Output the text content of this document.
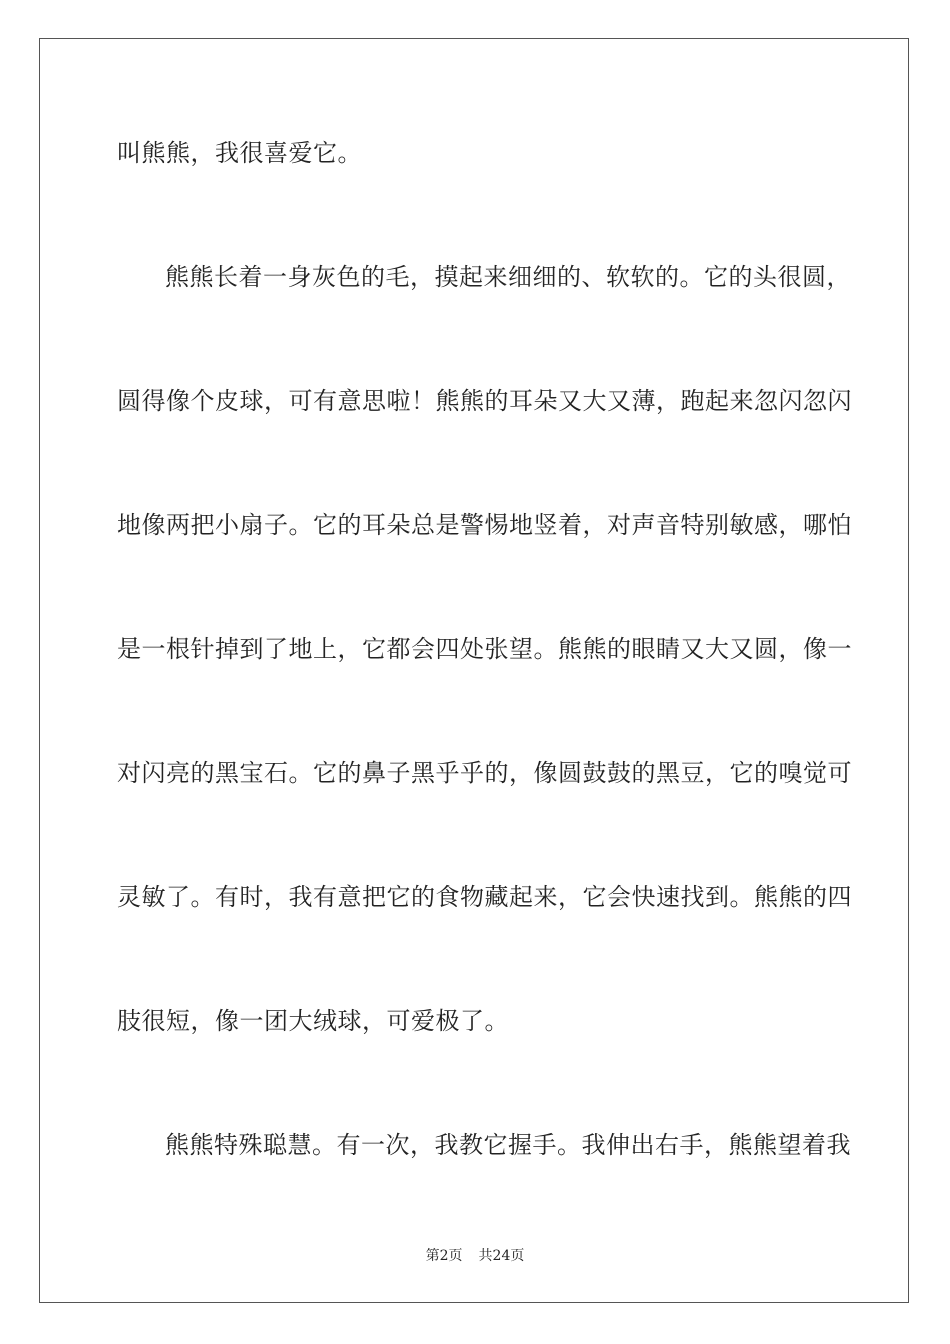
叫熊熊，我很喜爱它。
熊熊长着一身灰色的毛，摸起来细细的、软软的。它的头很圆，
圆得像个皮球，可有意思啦！熊熊的耳朵又大又薄，跑起来忽闪忽闪
地像两把小扇子。它的耳朵总是警惕地竖着，对声音特别敏感，哪怕
是一根针掉到了地上，它都会四处张望。熊熊的眼睛又大又圆，像一
对闪亮的黑宝石。它的鼻子黑乎乎的，像圆鼓鼓的黑豆，它的嗅觉可
灵敏了。有时，我有意把它的食物藏起来，它会快速找到。熊熊的四
肢很短，像一团大绒球，可爱极了。
熊熊特殊聪慧。有一次，我教它握手。我伸出右手，熊熊望着我
第2页 共24页
